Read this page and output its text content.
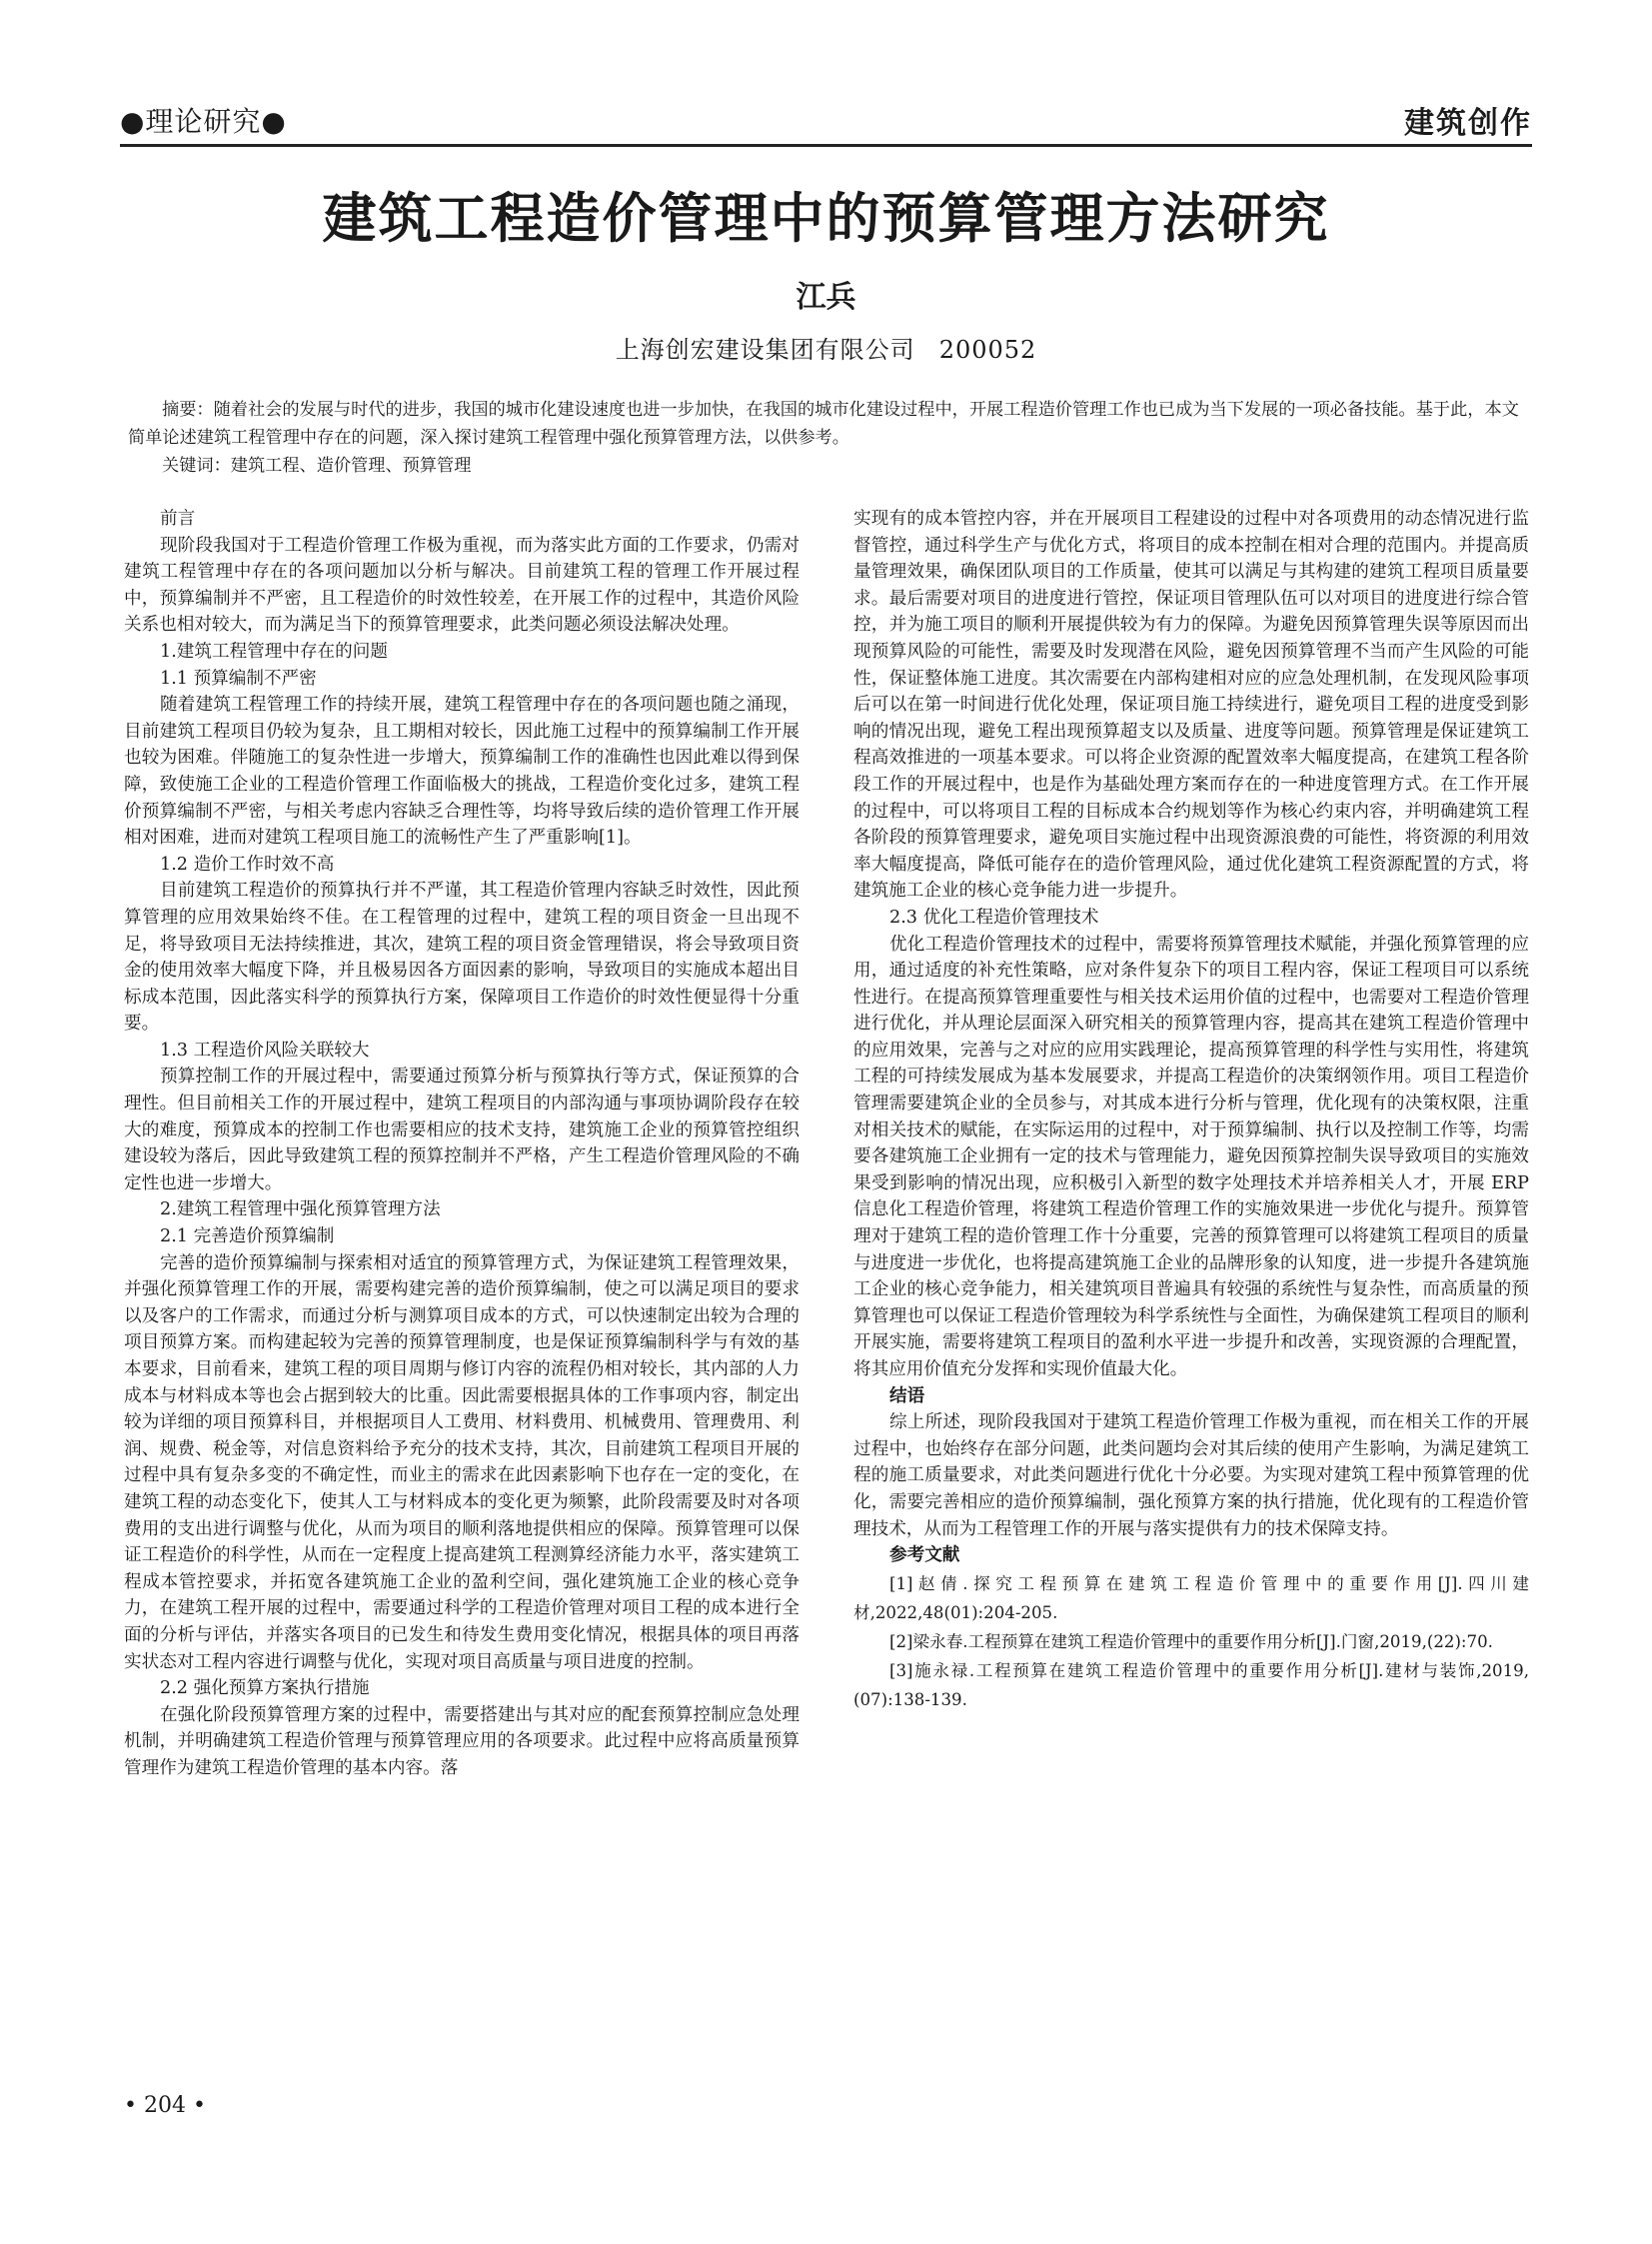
●理论研究●	建筑创作
建筑工程造价管理中的预算管理方法研究
江兵
上海创宏建设集团有限公司 200052

摘要：随着社会的发展与时代的进步，我国的城市化建设速度也进一步加快，在我国的城市化建设过程中，开展工程造价管理工作也已成为当下发展的一项必备技能。基于此，本文简单论述建筑工程管理中存在的问题，深入探讨建筑工程管理中强化预算管理方法，以供参考。

关键词：建筑工程、造价管理、预算管理

前言

现阶段我国对于工程造价管理工作极为重视，而为落实此方面的工作要求，仍需对建筑工程管理中存在的各项问题加以分析与解决。目前建筑工程的管理工作开展过程中，预算编制并不严密，且工程造价的时效性较差，在开展工作的过程中，其造价风险关系也相对较大，而为满足当下的预算管理要求，此类问题必须设法解决处理。

1.建筑工程管理中存在的问题
1.1 预算编制不严密

随着建筑工程管理工作的持续开展，建筑工程管理中存在的各项问题也随之涌现，目前建筑工程项目仍较为复杂，且工期相对较长，因此施工过程中的预算编制工作开展也较为困难。伴随施工的复杂性进一步增大，预算编制工作的准确性也因此难以得到保障，致使施工企业的工程造价管理工作面临极大的挑战，工程造价变化过多，建筑工程价预算编制不严密，与相关考虑内容缺乏合理性等，均将导致后续的造价管理工作开展相对困难，进而对建筑工程项目施工的流畅性产生了严重影响[1]。

1.2 造价工作时效不高

目前建筑工程造价的预算执行并不严谨，其工程造价管理内容缺乏时效性，因此预算管理的应用效果始终不佳。在工程管理的过程中，建筑工程的项目资金一旦出现不足，将导致项目无法持续推进，其次，建筑工程的项目资金管理错误，将会导致项目资金的使用效率大幅度下降，并且极易因各方面因素的影响，导致项目的实施成本超出目标成本范围，因此落实科学的预算执行方案，保障项目工作造价的时效性便显得十分重要。

1.3 工程造价风险关联较大

预算控制工作的开展过程中，需要通过预算分析与预算执行等方式，保证预算的合理性。但目前相关工作的开展过程中，建筑工程项目的内部沟通与事项协调阶段存在较大的难度，预算成本的控制工作也需要相应的技术支持，建筑施工企业的预算管控组织建设较为落后，因此导致建筑工程的预算控制并不严格，产生工程造价管理风险的不确定性也进一步增大。

2.建筑工程管理中强化预算管理方法
2.1 完善造价预算编制

完善的造价预算编制与探索相对适宜的预算管理方式，为保证建筑工程管理效果，并强化预算管理工作的开展，需要构建完善的造价预算编制，使之可以满足项目的要求以及客户的工作需求，而通过分析与测算项目成本的方式，可以快速制定出较为合理的项目预算方案。而构建起较为完善的预算管理制度，也是保证预算编制科学与有效的基本要求，目前看来，建筑工程的项目周期与修订内容的流程仍相对较长，其内部的人力成本与材料成本等也会占据到较大的比重。因此需要根据具体的工作事项内容，制定出较为详细的项目预算科目，并根据项目人工费用、材料费用、机械费用、管理费用、利润、规费、税金等，对信息资料给予充分的技术支持，其次，目前建筑工程项目开展的过程中具有复杂多变的不确定性，而业主的需求在此因素影响下也存在一定的变化，在建筑工程的动态变化下，使其人工与材料成本的变化更为频繁，此阶段需要及时对各项费用的支出进行调整与优化，从而为项目的顺利落地提供相应的保障。预算管理可以保证工程造价的科学性，从而在一定程度上提高建筑工程测算经济能力水平，落实建筑工程成本管控要求，并拓宽各建筑施工企业的盈利空间，强化建筑施工企业的核心竞争力，在建筑工程开展的过程中，需要通过科学的工程造价管理对项目工程的成本进行全面的分析与评估，并落实各项目的已发生和待发生费用变化情况，根据具体的项目再落实状态对工程内容进行调整与优化，实现对项目高质量与项目进度的控制。

2.2 强化预算方案执行措施

在强化阶段预算管理方案的过程中，需要搭建出与其对应的配套预算控制应急处理机制，并明确建筑工程造价管理与预算管理应用的各项要求。此过程中应将高质量预算管理作为建筑工程造价管理的基本内容。落

实现有的成本管控内容，并在开展项目工程建设的过程中对各项费用的动态情况进行监督管控，通过科学生产与优化方式，将项目的成本控制在相对合理的范围内。并提高质量管理效果，确保团队项目的工作质量，使其可以满足与其构建的建筑工程项目质量要求。最后需要对项目的进度进行管控，保证项目管理队伍可以对项目的进度进行综合管控，并为施工项目的顺利开展提供较为有力的保障。为避免因预算管理失误等原因而出现预算风险的可能性，需要及时发现潜在风险，避免因预算管理不当而产生风险的可能性，保证整体施工进度。其次需要在内部构建相对应的应急处理机制，在发现风险事项后可以在第一时间进行优化处理，保证项目施工持续进行，避免项目工程的进度受到影响的情况出现，避免工程出现预算超支以及质量、进度等问题。预算管理是保证建筑工程高效推进的一项基本要求。可以将企业资源的配置效率大幅度提高，在建筑工程各阶段工作的开展过程中，也是作为基础处理方案而存在的一种进度管理方式。在工作开展的过程中，可以将项目工程的目标成本合约规划等作为核心约束内容，并明确建筑工程各阶段的预算管理要求，避免项目实施过程中出现资源浪费的可能性，将资源的利用效率大幅度提高，降低可能存在的造价管理风险，通过优化建筑工程资源配置的方式，将建筑施工企业的核心竞争能力进一步提升。

2.3 优化工程造价管理技术

优化工程造价管理技术的过程中，需要将预算管理技术赋能，并强化预算管理的应用，通过适度的补充性策略，应对条件复杂下的项目工程内容，保证工程项目可以系统性进行。在提高预算管理重要性与相关技术运用价值的过程中，也需要对工程造价管理进行优化，并从理论层面深入研究相关的预算管理内容，提高其在建筑工程造价管理中的应用效果，完善与之对应的应用实践理论，提高预算管理的科学性与实用性，将建筑工程的可持续发展成为基本发展要求，并提高工程造价的决策纲领作用。项目工程造价管理需要建筑企业的全员参与，对其成本进行分析与管理，优化现有的决策权限，注重对相关技术的赋能，在实际运用的过程中，对于预算编制、执行以及控制工作等，均需要各建筑施工企业拥有一定的技术与管理能力，避免因预算控制失误导致项目的实施效果受到影响的情况出现，应积极引入新型的数字处理技术并培养相关人才，开展 ERP 信息化工程造价管理，将建筑工程造价管理工作的实施效果进一步优化与提升。预算管理对于建筑工程的造价管理工作十分重要，完善的预算管理可以将建筑工程项目的质量与进度进一步优化，也将提高建筑施工企业的品牌形象的认知度，进一步提升各建筑施工企业的核心竞争能力，相关建筑项目普遍具有较强的系统性与复杂性，而高质量的预算管理也可以保证工程造价管理较为科学系统性与全面性，为确保建筑工程项目的顺利开展实施，需要将建筑工程项目的盈利水平进一步提升和改善，实现资源的合理配置，将其应用价值充分发挥和实现价值最大化。

结语

综上所述，现阶段我国对于建筑工程造价管理工作极为重视，而在相关工作的开展过程中，也始终存在部分问题，此类问题均会对其后续的使用产生影响，为满足建筑工程的施工质量要求，对此类问题进行优化十分必要。为实现对建筑工程中预算管理的优化，需要完善相应的造价预算编制，强化预算方案的执行措施，优化现有的工程造价管理技术，从而为工程管理工作的开展与落实提供有力的技术保障支持。

参考文献

[1]赵倩.探究工程预算在建筑工程造价管理中的重要作用[J].四川建材,2022,48(01):204-205.

[2]梁永春.工程预算在建筑工程造价管理中的重要作用分析[J].门窗,2019,(22):70.

[3]施永禄.工程预算在建筑工程造价管理中的重要作用分析[J].建材与装饰,2019,(07):138-139.

• 204 •
